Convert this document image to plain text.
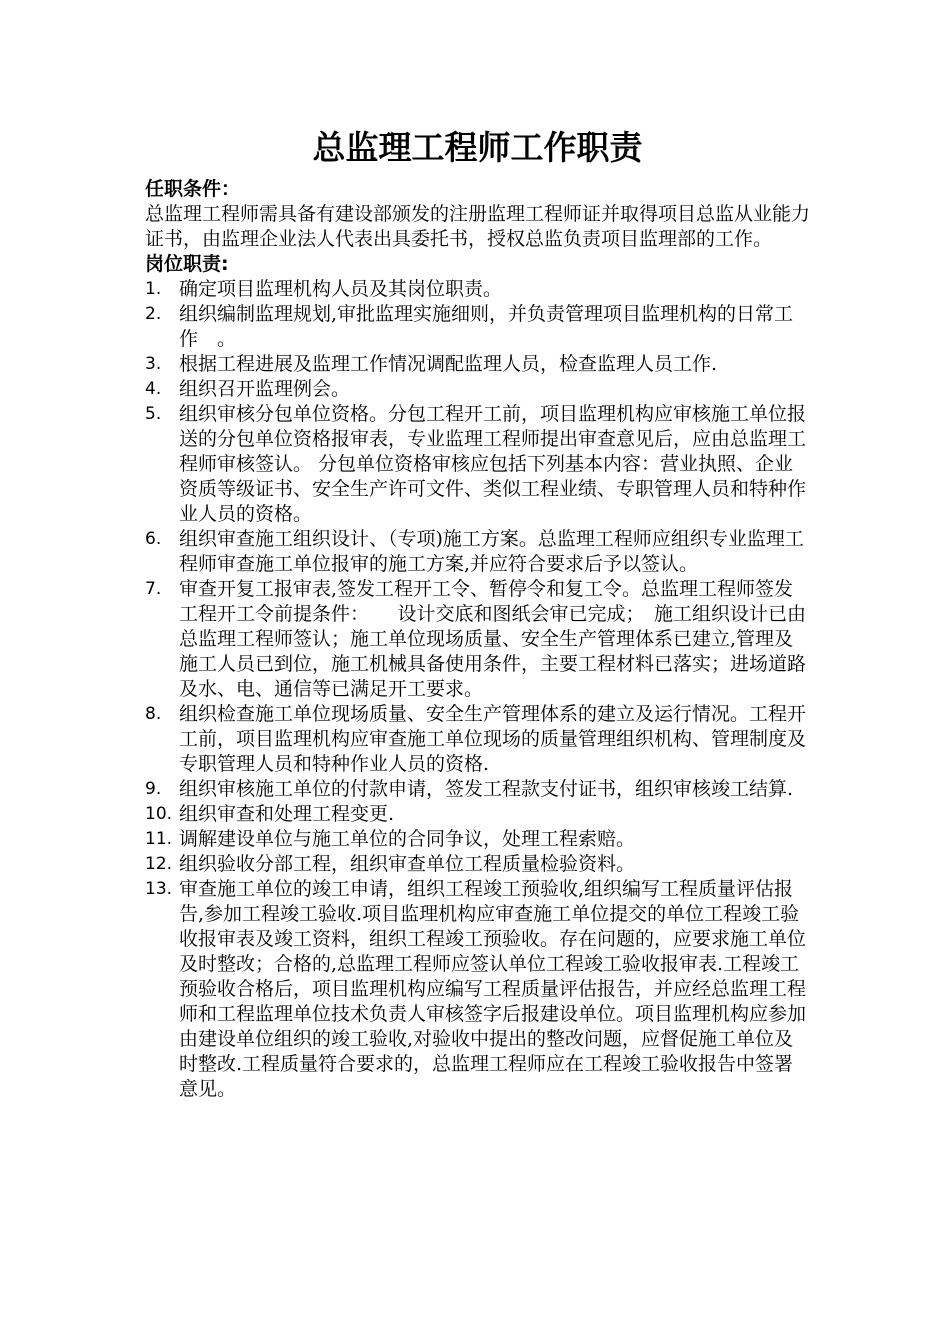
总监理工程师工作职责

任职条件：

总监理工程师需具备有建设部颁发的注册监理工程师证并取得项目总监从业能力证书，由监理企业法人代表出具委托书，授权总监负责项目监理部的工作。

岗位职责:

1. 确定项目监理机构人员及其岗位职责。
2. 组织编制监理规划,审批监理实施细则，并负责管理项目监理机构的日常工作　。
3. 根据工程进展及监理工作情况调配监理人员，检查监理人员工作.
4. 组织召开监理例会。
5. 组织审核分包单位资格。分包工程开工前，项目监理机构应审核施工单位报送的分包单位资格报审表，专业监理工程师提出审查意见后，应由总监理工程师审核签认。 分包单位资格审核应包括下列基本内容：营业执照、企业资质等级证书、安全生产许可文件、类似工程业绩、专职管理人员和特种作业人员的资格。
6. 组织审查施工组织设计、（专项)施工方案。总监理工程师应组织专业监理工程师审查施工单位报审的施工方案,并应符合要求后予以签认。
7. 审查开复工报审表,签发工程开工令、暂停令和复工令。总监理工程师签发工程开工令前提条件：　　设计交底和图纸会审已完成；　施工组织设计已由总监理工程师签认；施工单位现场质量、安全生产管理体系已建立,管理及施工人员已到位，施工机械具备使用条件，主要工程材料已落实；进场道路及水、电、通信等已满足开工要求。
8. 组织检查施工单位现场质量、安全生产管理体系的建立及运行情况。工程开工前，项目监理机构应审查施工单位现场的质量管理组织机构、管理制度及专职管理人员和特种作业人员的资格.
9. 组织审核施工单位的付款申请，签发工程款支付证书，组织审核竣工结算.
10. 组织审查和处理工程变更.
11. 调解建设单位与施工单位的合同争议，处理工程索赔。
12. 组织验收分部工程，组织审查单位工程质量检验资料。
13. 审查施工单位的竣工申请，组织工程竣工预验收,组织编写工程质量评估报告,参加工程竣工验收.项目监理机构应审查施工单位提交的单位工程竣工验收报审表及竣工资料，组织工程竣工预验收。存在问题的，应要求施工单位及时整改；合格的,总监理工程师应签认单位工程竣工验收报审表.工程竣工预验收合格后，项目监理机构应编写工程质量评估报告，并应经总监理工程师和工程监理单位技术负责人审核签字后报建设单位。项目监理机构应参加由建设单位组织的竣工验收,对验收中提出的整改问题，应督促施工单位及时整改.工程质量符合要求的，总监理工程师应在工程竣工验收报告中签署意见。
